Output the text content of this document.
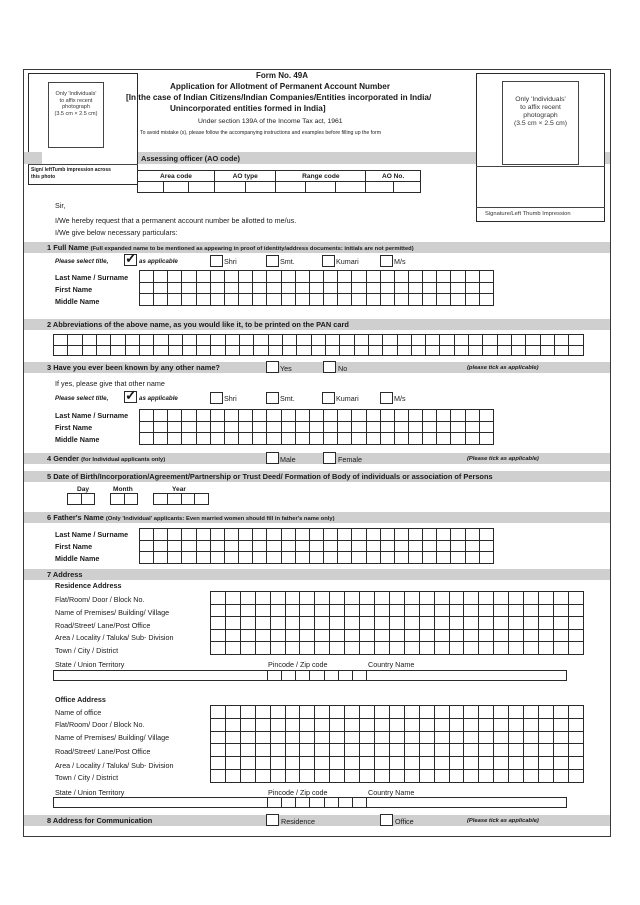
Only 'Individuals'
to affix recent
photograph
(3.5 cm × 2.5 cm)
Sign/ leftTumb impression across
this photo
Form No. 49A
Application for Allotment of Permanent Account Number
[In the case of Indian Citizens/Indian Companies/Entities incorporated in India/
Unincorporated entities formed in India]
Under section 139A of the Income Tax act, 1961
To avoid mistake (s), please follow the accompanying instructions and examples before filling up the form
Only 'Individuals'
to affix recent
photograph
(3.5 cm × 2.5 cm)
Signature/Left Thumb Impression
Assessing officer (AO code)
Area code			AO type		Range code			AO No.	

Sir,
I/We hereby request that a permanent account number be allotted to me/us.
I/We give below necessary particulars:
1 Full Name (Full expanded name to be mentioned as appearing in proof of identity/address documents: initials are not permitted)
Please select title, ✓ as applicable	Shri	Smt.	Kumari	M/s
Last Name / Surname
First Name
Middle Name

2 Abbreviations of the above name, as you would like it, to be printed on the PAN card

3 Have you ever been known by any other name?	Yes	No	(please tick as applicable)
If yes, please give that other name
Please select title, ✓ as applicable	Shri	Smt.	Kumari	M/s
Last Name / Surname
First Name
Middle Name

4 Gender (for Individual applicants only)	Male	Female	(Please tick as applicable)
5 Date of Birth/Incorporation/Agreement/Partnership or Trust Deed/ Formation of Body of individuals or association of Persons
Day	Month	Year

6 Father's Name (Only 'Individual' applicants: Even married women should fill in father's name only)
Last Name / Surname
First Name
Middle Name

7 Address
Residence Address
Flat/Room/ Door / Block No.
Name of Premises/ Building/ Village
Road/Street/ Lane/Post Office
Area / Locality / Taluka/ Sub- Division
Town / City / District

State / Union Territory	Pincode / Zip code	Country Name

Office Address
Name of office
Flat/Room/ Door / Block No.
Name of Premises/ Building/ Village
Road/Street/ Lane/Post Office
Area / Locality / Taluka/ Sub- Division
Town / City / District

State / Union Territory	Pincode / Zip code	Country Name

8 Address for Communication	Residence	Office	(Please tick as applicable)
